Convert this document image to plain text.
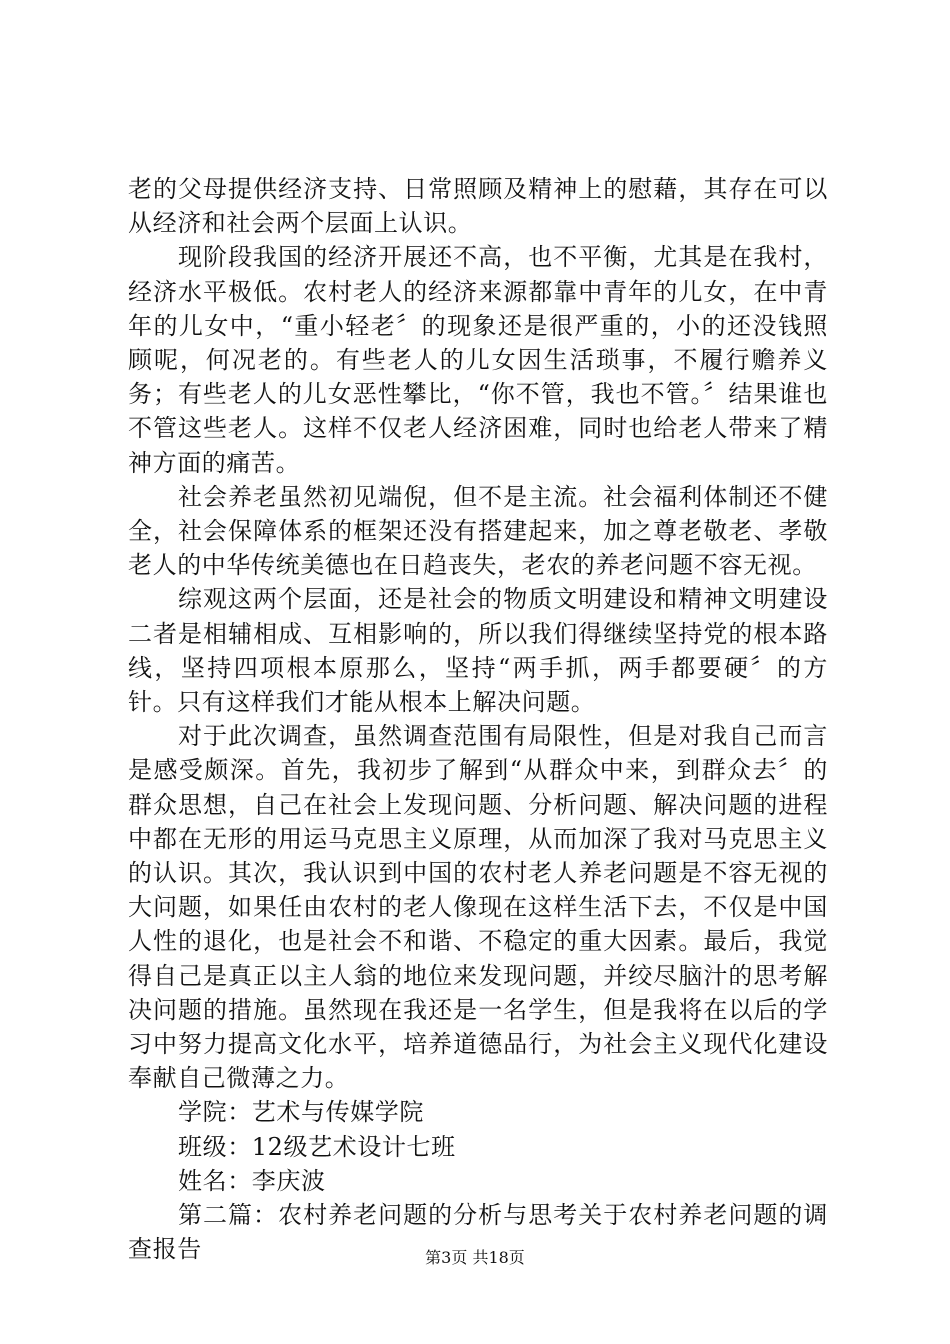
老的父母提供经济支持、日常照顾及精神上的慰藉，其存在可以从经济和社会两个层面上认识。

现阶段我国的经济开展还不高，也不平衡，尤其是在我村，经济水平极低。农村老人的经济来源都靠中青年的儿女，在中青年的儿女中，“重小轻老〞的现象还是很严重的，小的还没钱照顾呢，何况老的。有些老人的儿女因生活琐事，不履行赡养义务；有些老人的儿女恶性攀比，“你不管，我也不管。〞结果谁也不管这些老人。这样不仅老人经济困难，同时也给老人带来了精神方面的痛苦。

社会养老虽然初见端倪，但不是主流。社会福利体制还不健全，社会保障体系的框架还没有搭建起来，加之尊老敬老、孝敬老人的中华传统美德也在日趋丧失，老农的养老问题不容无视。

综观这两个层面，还是社会的物质文明建设和精神文明建设二者是相辅相成、互相影响的，所以我们得继续坚持党的根本路线，坚持四项根本原那么，坚持“两手抓，两手都要硬〞的方针。只有这样我们才能从根本上解决问题。

对于此次调查，虽然调查范围有局限性，但是对我自己而言是感受颇深。首先，我初步了解到“从群众中来，到群众去〞的群众思想，自己在社会上发现问题、分析问题、解决问题的进程中都在无形的用运马克思主义原理，从而加深了我对马克思主义的认识。其次，我认识到中国的农村老人养老问题是不容无视的大问题，如果任由农村的老人像现在这样生活下去，不仅是中国人性的退化，也是社会不和谐、不稳定的重大因素。最后，我觉得自己是真正以主人翁的地位来发现问题，并绞尽脑汁的思考解决问题的措施。虽然现在我还是一名学生，但是我将在以后的学习中努力提高文化水平，培养道德品行，为社会主义现代化建设奉献自己微薄之力。

学院：艺术与传媒学院

班级：12级艺术设计七班

姓名：李庆波

第二篇：农村养老问题的分析与思考关于农村养老问题的调查报告	第3页 共18页
